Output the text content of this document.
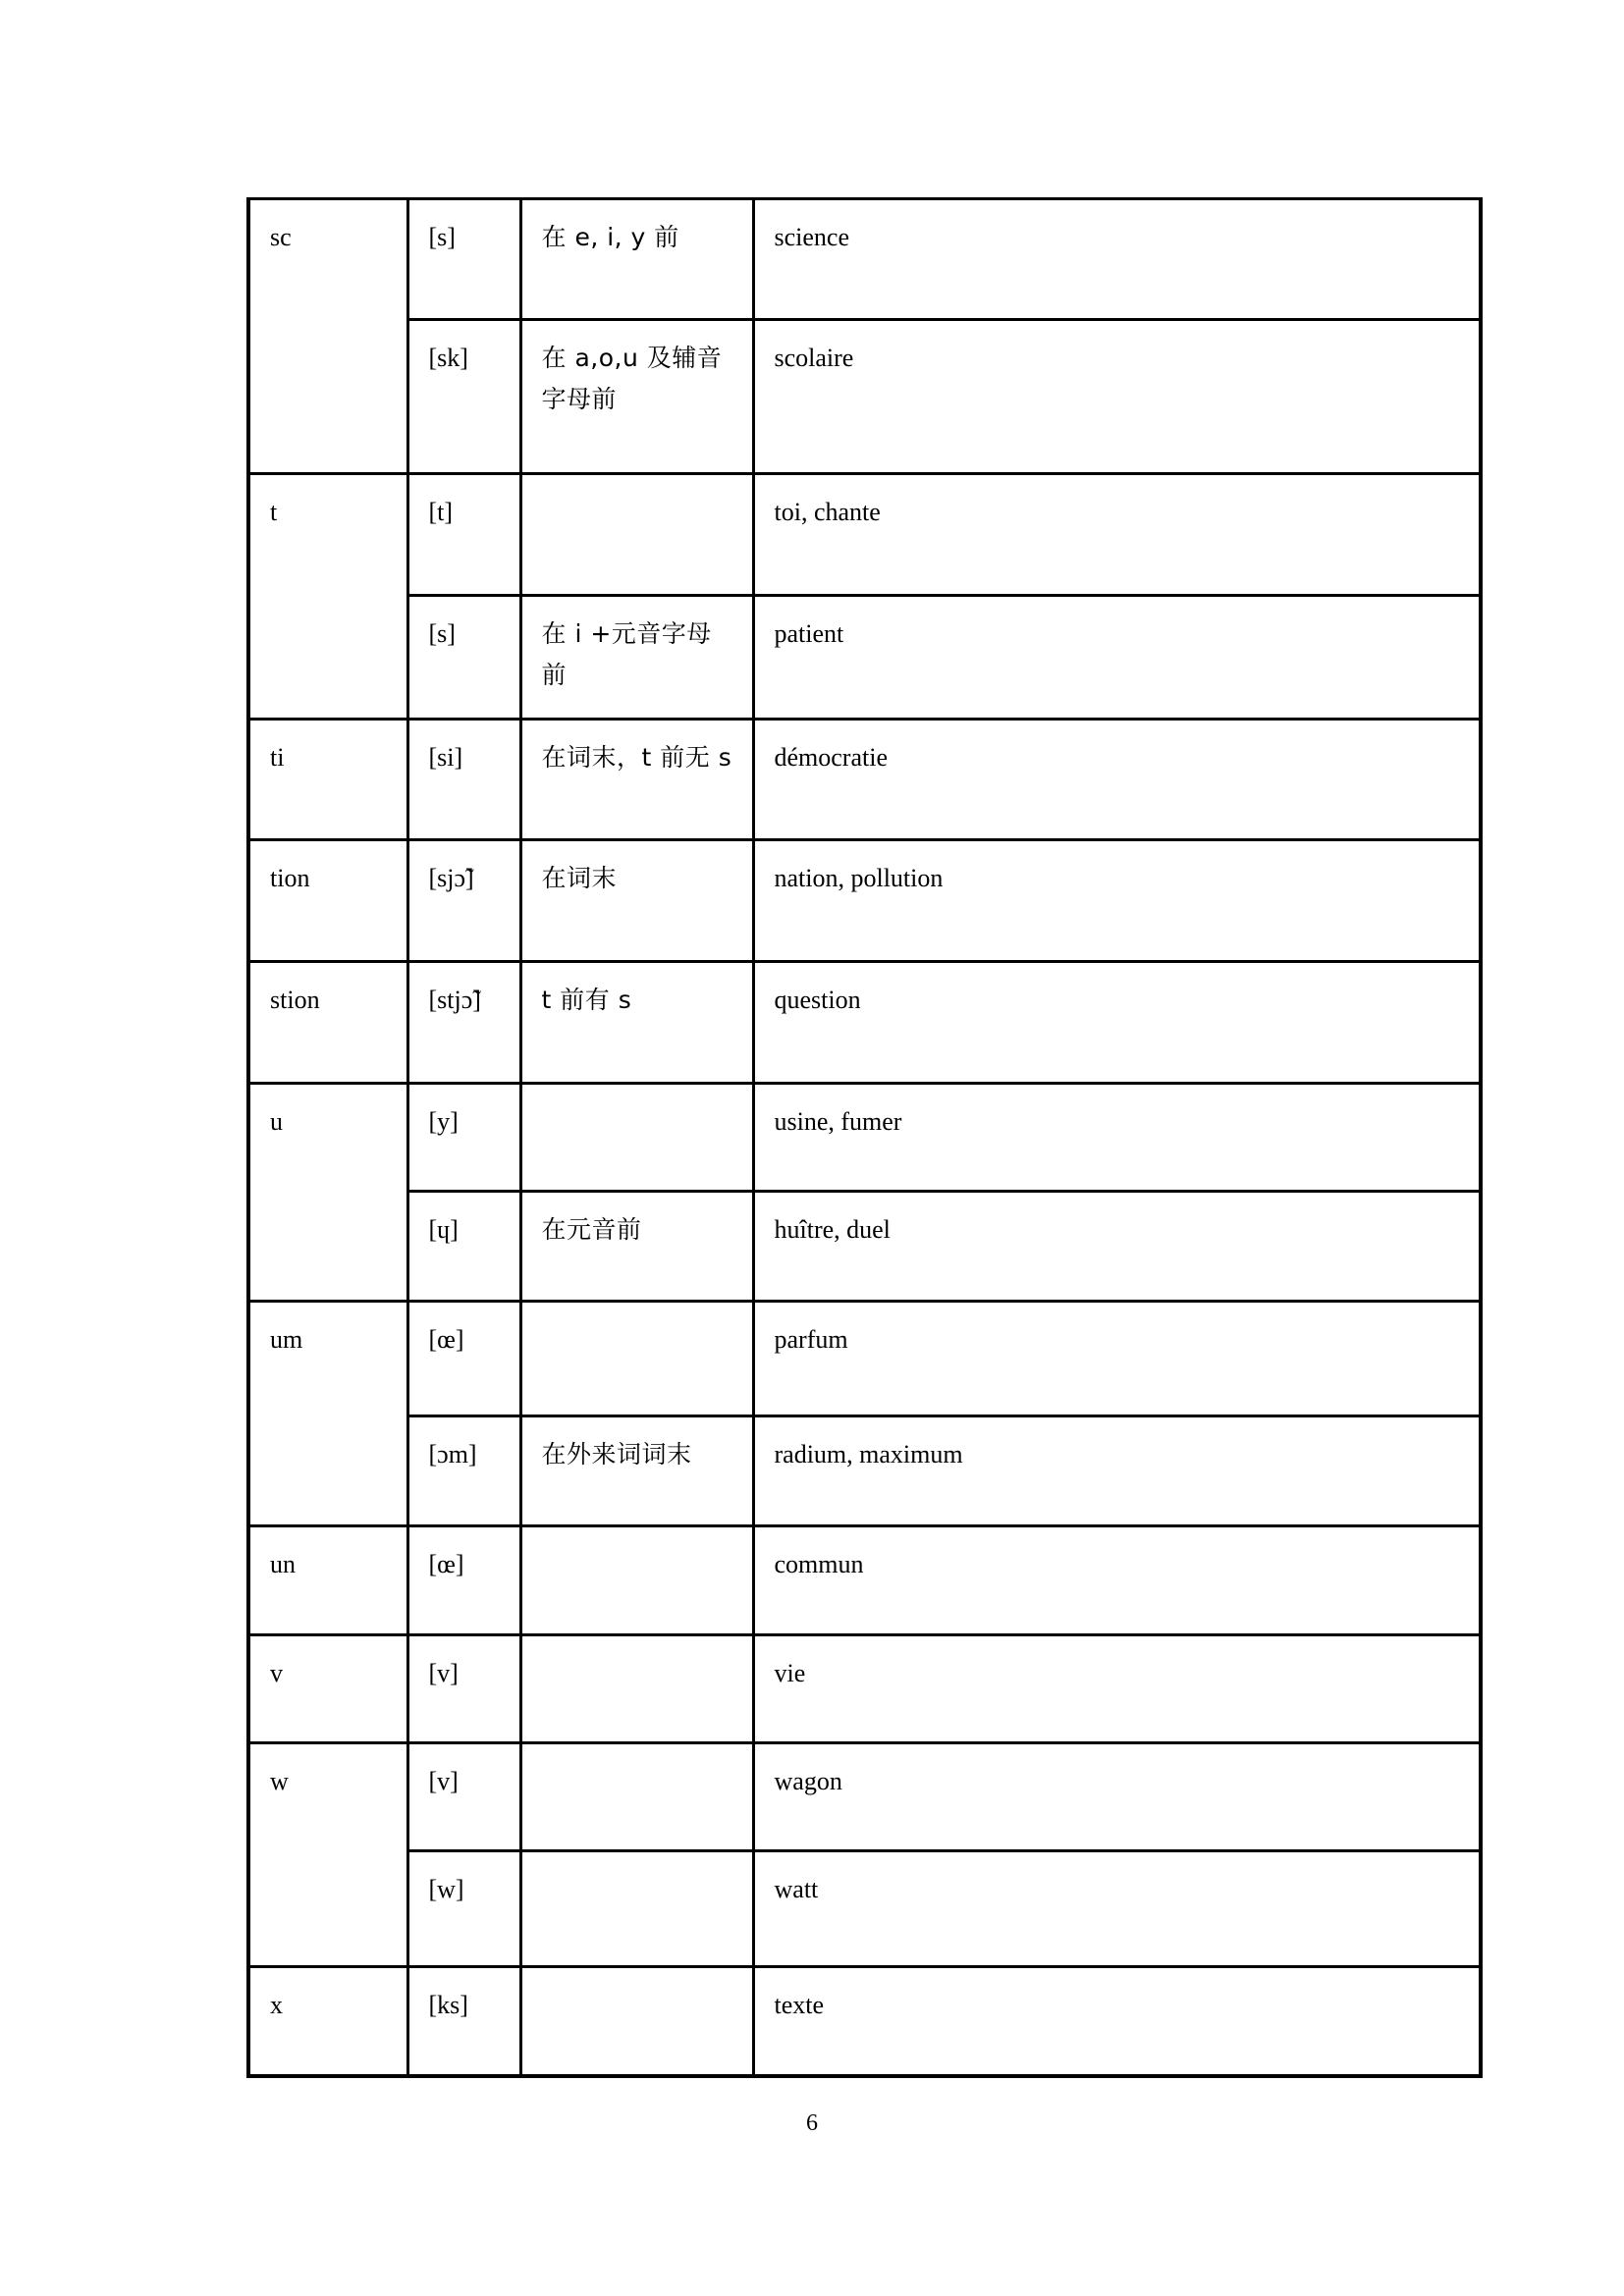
sc	[s]	在 e, i, y 前	science
	[sk]	在 a,o,u 及辅音字母前	scolaire
t	[t]		toi, chante
	[s]	在 i +元音字母前	patient
ti	[si]	在词末，t 前无 s	démocratie
tion	[sjɔ̃]	在词末	nation, pollution
stion	[stjɔ̃]	t 前有 s	question
u	[y]		usine, fumer
	[ɥ]	在元音前	huître, duel
um	[œ]		parfum
	[ɔm]	在外来词词末	radium, maximum
un	[œ]		commun
v	[v]		vie
w	[v]		wagon
	[w]		watt
x	[ks]		texte
6
